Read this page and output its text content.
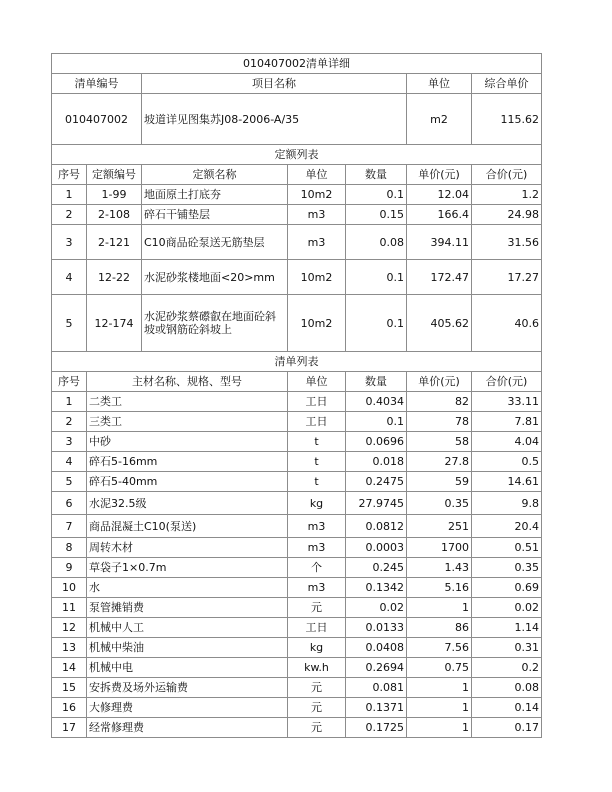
010407002清单详细						
清单编号		项目名称			单位	综合单价
010407002		坡道详见图集苏J08-2006-A/35			m2	115.62
定额列表						
序号	定额编号	定额名称	单位	数量	单价(元)	合价(元)
1	1-99	地面原土打底夯	10m2	0.1	12.04	1.2
2	2-108	碎石干铺垫层	m3	0.15	166.4	24.98
3	2-121	C10商品砼泵送无筋垫层	m3	0.08	394.11	31.56
4	12-22	水泥砂浆楼地面<20>mm	10m2	0.1	172.47	17.27
5	12-174	水泥砂浆蔡礤叡在地面砼斜坡或钢筋砼斜坡上	10m2	0.1	405.62	40.6
清单列表						
序号	主材名称、规格、型号		单位	数量	单价(元)	合价(元)
1	二类工		工日	0.4034	82	33.11
2	三类工		工日	0.1	78	7.81
3	中砂		t	0.0696	58	4.04
4	碎石5-16mm		t	0.018	27.8	0.5
5	碎石5-40mm		t	0.2475	59	14.61
6	水泥32.5级		kg	27.9745	0.35	9.8
7	商品混凝土C10(泵送)		m3	0.0812	251	20.4
8	周转木材		m3	0.0003	1700	0.51
9	草袋子1×0.7m		个	0.245	1.43	0.35
10	水		m3	0.1342	5.16	0.69
11	泵管摊销费		元	0.02	1	0.02
12	机械中人工		工日	0.0133	86	1.14
13	机械中柴油		kg	0.0408	7.56	0.31
14	机械中电		kw.h	0.2694	0.75	0.2
15	安拆费及场外运输费		元	0.081	1	0.08
16	大修理费		元	0.1371	1	0.14
17	经常修理费		元	0.1725	1	0.17
